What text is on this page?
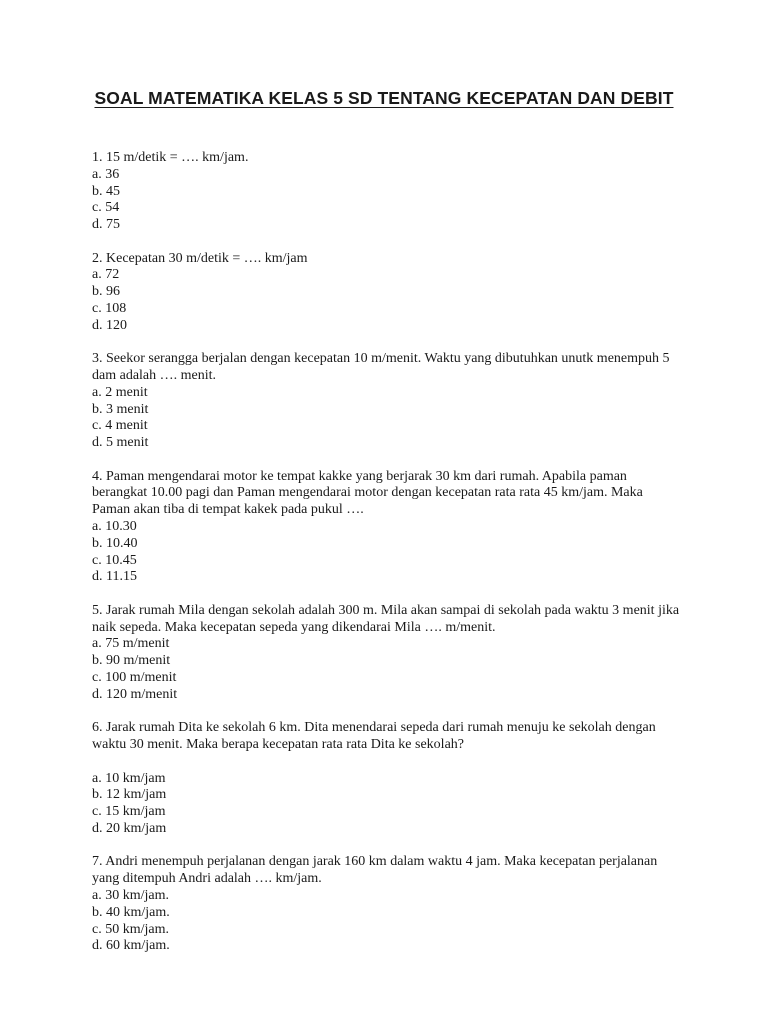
SOAL MATEMATIKA KELAS 5 SD TENTANG KECEPATAN DAN DEBIT

1. 15 m/detik = …. km/jam.

a. 36
b. 45
c. 54
d. 75

2. Kecepatan 30 m/detik = …. km/jam

a. 72
b. 96
c. 108
d. 120

3. Seekor serangga berjalan dengan kecepatan 10 m/menit. Waktu yang dibutuhkan unutk menempuh 5 dam adalah …. menit.

a. 2 menit
b. 3 menit
c. 4 menit
d. 5 menit

4. Paman mengendarai motor ke tempat kakke yang berjarak 30 km dari rumah. Apabila paman berangkat 10.00 pagi dan Paman mengendarai motor dengan kecepatan rata rata 45 km/jam. Maka Paman akan tiba di tempat kakek pada pukul ….

a. 10.30
b. 10.40
c. 10.45
d. 11.15

5. Jarak rumah Mila dengan sekolah adalah 300 m. Mila akan sampai di sekolah pada waktu 3 menit jika naik sepeda. Maka kecepatan sepeda yang dikendarai Mila …. m/menit.

a. 75 m/menit
b. 90 m/menit
c. 100 m/menit
d. 120 m/menit

6. Jarak rumah Dita ke sekolah 6 km. Dita menendarai sepeda dari rumah menuju ke sekolah dengan waktu 30 menit. Maka berapa kecepatan rata rata Dita ke sekolah?

a. 10 km/jam
b. 12 km/jam
c. 15 km/jam
d. 20 km/jam

7. Andri menempuh perjalanan dengan jarak 160 km dalam waktu 4 jam. Maka kecepatan perjalanan yang ditempuh Andri adalah …. km/jam.

a. 30 km/jam.
b. 40 km/jam.
c. 50 km/jam.
d. 60 km/jam.
